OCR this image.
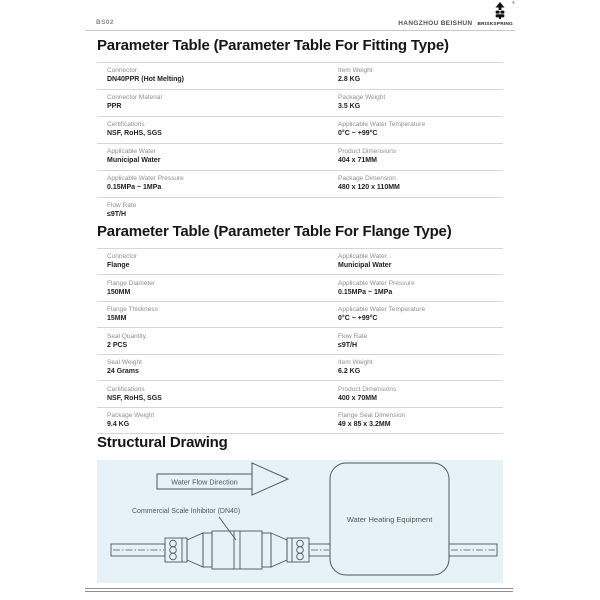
BS02	HANGZHOU BEISHUN BRISKSPRING
®
Parameter Table (Parameter Table For Fitting Type)
Connector
DN40PPR (Hot Melting)
Item Weight
2.8 KG
Connector Material
PPR
Package Weight
3.5 KG
Certifications
NSF, RoHS, SGS
Applicable Water Temperature
0°C ~ +99°C
Applicable Water
Municipal Water
Product Dimensions
404 x 71MM
Applicable Water Pressure
0.15MPa ~ 1MPa
Package Dimension
480 x 120 x 110MM
Flow Rate
≤9T/H
Parameter Table (Parameter Table For Flange Type)
Connector
Flange
Applicable Water
Municipal Water
Flange Diameter
150MM
Applicable Water Pressure
0.15MPa ~ 1MPa
Flange Thickness
15MM
Applicable Water Temperature
0°C ~ +99°C
Seal Quantity
2 PCS
Flow Rate
≤9T/H
Seal Weight
24 Grams
Item Weight
6.2 KG
Certifications
NSF, RoHS, SGS
Product Dimensions
400 x 70MM
Package Weight
9.4 KG
Flange Seal Dimension
49 x 85 x 3.2MM
Structural Drawing
Water Flow Direction
Commercial Scale Inhibitor (DN40)
Water Heating Equipment
